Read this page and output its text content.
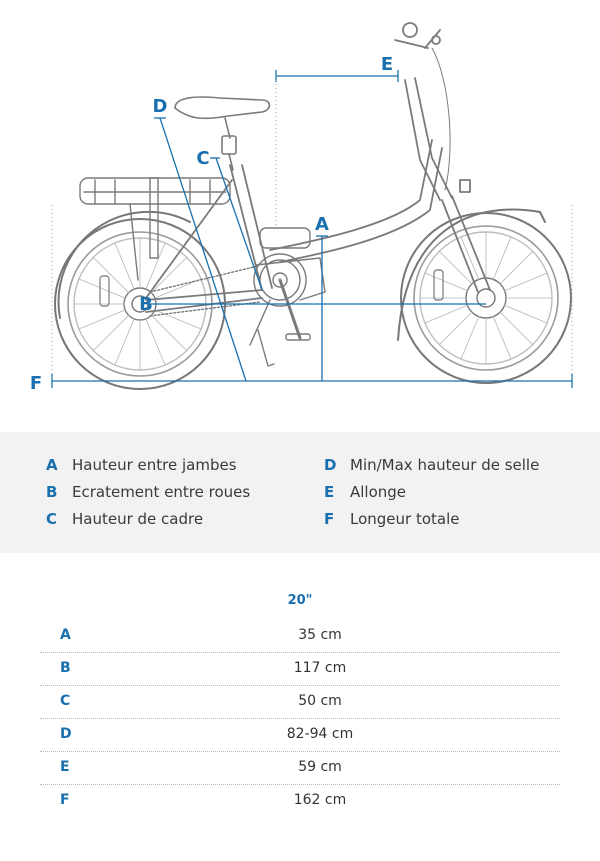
A
B
C
D
E
F
A Hauteur entre jambes
B Ecratement entre roues
C Hauteur de cadre
D Min/Max hauteur de selle
E Allonge
F Longeur totale
20"
A	35 cm
B	117 cm
C	50 cm
D	82-94 cm
E	59 cm
F	162 cm
